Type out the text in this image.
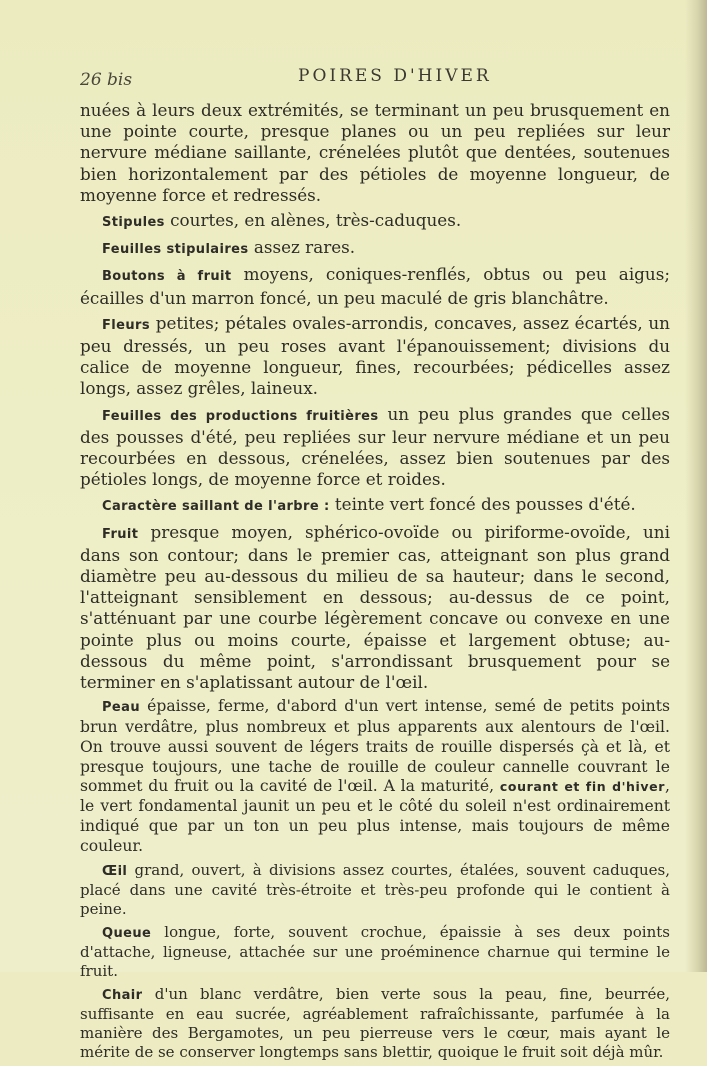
26 bis	POIRES D'HIVER

nuées à leurs deux extrémités, se terminant un peu brusquement en une pointe courte, presque planes ou un peu repliées sur leur nervure médiane saillante, crénelées plutôt que dentées, soutenues bien horizontalement par des pétioles de moyenne longueur, de moyenne force et redressés.

Stipules courtes, en alènes, très-caduques.

Feuilles stipulaires assez rares.

Boutons à fruit moyens, coniques-renflés, obtus ou peu aigus; écailles d'un marron foncé, un peu maculé de gris blanchâtre.

Fleurs petites; pétales ovales-arrondis, concaves, assez écartés, un peu dressés, un peu roses avant l'épanouissement; divisions du calice de moyenne longueur, fines, recourbées; pédicelles assez longs, assez grêles, laineux.

Feuilles des productions fruitières un peu plus grandes que celles des pousses d'été, peu repliées sur leur nervure médiane et un peu recourbées en dessous, crénelées, assez bien soutenues par des pétioles longs, de moyenne force et roides.

Caractère saillant de l'arbre : teinte vert foncé des pousses d'été.

Fruit presque moyen, sphérico-ovoïde ou piriforme-ovoïde, uni dans son contour; dans le premier cas, atteignant son plus grand diamètre peu au-dessous du milieu de sa hauteur; dans le second, l'atteignant sensiblement en dessous; au-dessus de ce point, s'atténuant par une courbe légèrement concave ou convexe en une pointe plus ou moins courte, épaisse et largement obtuse; au-dessous du même point, s'arrondissant brusquement pour se terminer en s'aplatissant autour de l'œil.

Peau épaisse, ferme, d'abord d'un vert intense, semé de petits points brun verdâtre, plus nombreux et plus apparents aux alentours de l'œil. On trouve aussi souvent de légers traits de rouille dispersés çà et là, et presque toujours, une tache de rouille de couleur cannelle couvrant le sommet du fruit ou la cavité de l'œil. A la maturité, courant et fin d'hiver, le vert fondamental jaunit un peu et le côté du soleil n'est ordinairement indiqué que par un ton un peu plus intense, mais toujours de même couleur.

Œil grand, ouvert, à divisions assez courtes, étalées, souvent caduques, placé dans une cavité très-étroite et très-peu profonde qui le contient à peine.

Queue longue, forte, souvent crochue, épaissie à ses deux points d'attache, ligneuse, attachée sur une proéminence charnue qui termine le fruit.

Chair d'un blanc verdâtre, bien verte sous la peau, fine, beurrée, suffisante en eau sucrée, agréablement rafraîchissante, parfumée à la manière des Bergamotes, un peu pierreuse vers le cœur, mais ayant le mérite de se conserver longtemps sans blettir, quoique le fruit soit déjà mûr.
